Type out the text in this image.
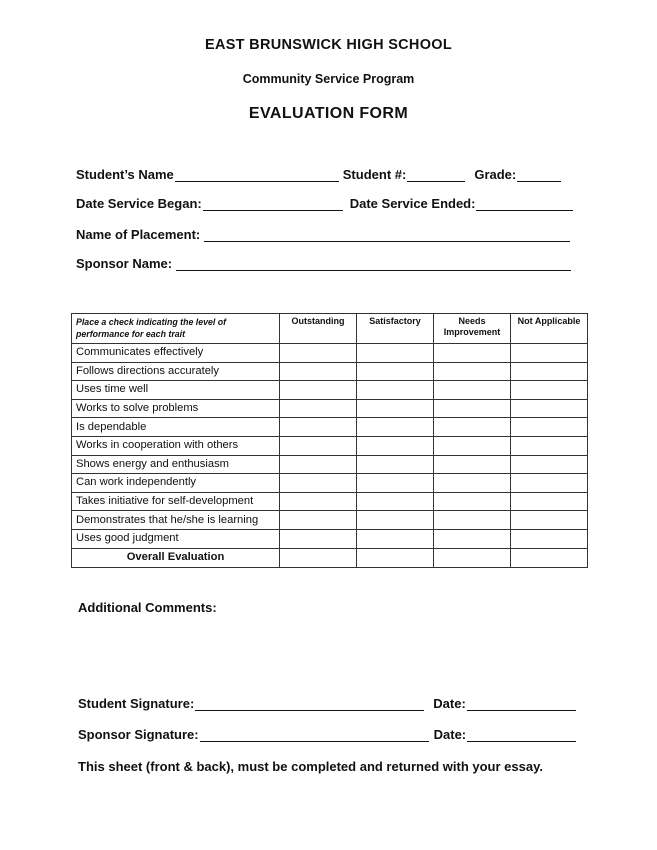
EAST BRUNSWICK HIGH SCHOOL
Community Service Program
EVALUATION FORM
Student’s Name	Student #:	Grade:
Date Service Began:	Date Service Ended:
Name of Placement:
Sponsor Name:
Place a check indicating the level of performance for each trait	Outstanding	Satisfactory	Needs Improvement	Not Applicable
Communicates effectively				
Follows directions accurately				
Uses time well				
Works to solve problems				
Is dependable				
Works in cooperation with others				
Shows energy and enthusiasm				
Can work independently				
Takes initiative for self-development				
Demonstrates that he/she is learning				
Uses good judgment				
Overall Evaluation				
Additional Comments:
Student Signature:	Date:
Sponsor Signature:	Date:
This sheet (front & back), must be completed and returned with your essay.
